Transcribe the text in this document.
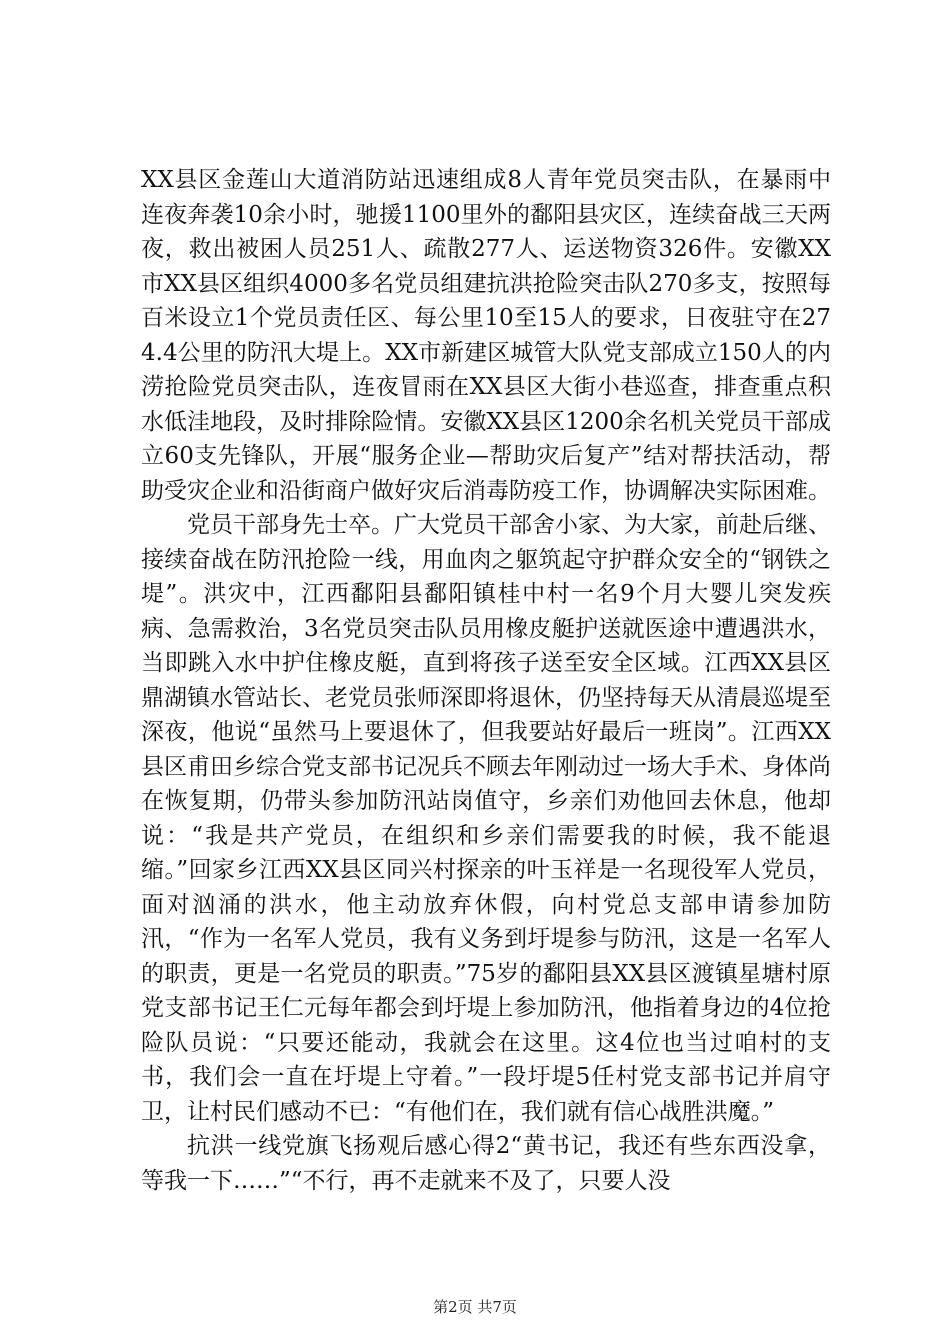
XX县区金莲山大道消防站迅速组成8人青年党员突击队，在暴雨中连夜奔袭10余小时，驰援1100里外的鄱阳县灾区，连续奋战三天两夜，救出被困人员251人、疏散277人、运送物资326件。安徽XX市XX县区组织4000多名党员组建抗洪抢险突击队270多支，按照每百米设立1个党员责任区、每公里10至15人的要求，日夜驻守在274.4公里的防汛大堤上。XX市新建区城管大队党支部成立150人的内涝抢险党员突击队，连夜冒雨在XX县区大街小巷巡查，排查重点积水低洼地段，及时排除险情。安徽XX县区1200余名机关党员干部成立60支先锋队，开展“服务企业—帮助灾后复产”结对帮扶活动，帮助受灾企业和沿街商户做好灾后消毒防疫工作，协调解决实际困难。

党员干部身先士卒。广大党员干部舍小家、为大家，前赴后继、接续奋战在防汛抢险一线，用血肉之躯筑起守护群众安全的“钢铁之堤”。洪灾中，江西鄱阳县鄱阳镇桂中村一名9个月大婴儿突发疾病、急需救治，3名党员突击队员用橡皮艇护送就医途中遭遇洪水，当即跳入水中护住橡皮艇，直到将孩子送至安全区域。江西XX县区鼎湖镇水管站长、老党员张师深即将退休，仍坚持每天从清晨巡堤至深夜，他说“虽然马上要退休了，但我要站好最后一班岗”。江西XX县区甫田乡综合党支部书记况兵不顾去年刚动过一场大手术、身体尚在恢复期，仍带头参加防汛站岗值守，乡亲们劝他回去休息，他却说：“我是共产党员，在组织和乡亲们需要我的时候，我不能退缩。”回家乡江西XX县区同兴村探亲的叶玉祥是一名现役军人党员，面对汹涌的洪水，他主动放弃休假，向村党总支部申请参加防汛，“作为一名军人党员，我有义务到圩堤参与防汛，这是一名军人的职责，更是一名党员的职责。”75岁的鄱阳县XX县区渡镇星塘村原党支部书记王仁元每年都会到圩堤上参加防汛，他指着身边的4位抢险队员说：“只要还能动，我就会在这里。这4位也当过咱村的支书，我们会一直在圩堤上守着。”一段圩堤5任村党支部书记并肩守卫，让村民们感动不已：“有他们在，我们就有信心战胜洪魔。”

抗洪一线党旗飞扬观后感心得2“黄书记，我还有些东西没拿，等我一下……”“不行，再不走就来不及了，只要人没

第2页 共7页
